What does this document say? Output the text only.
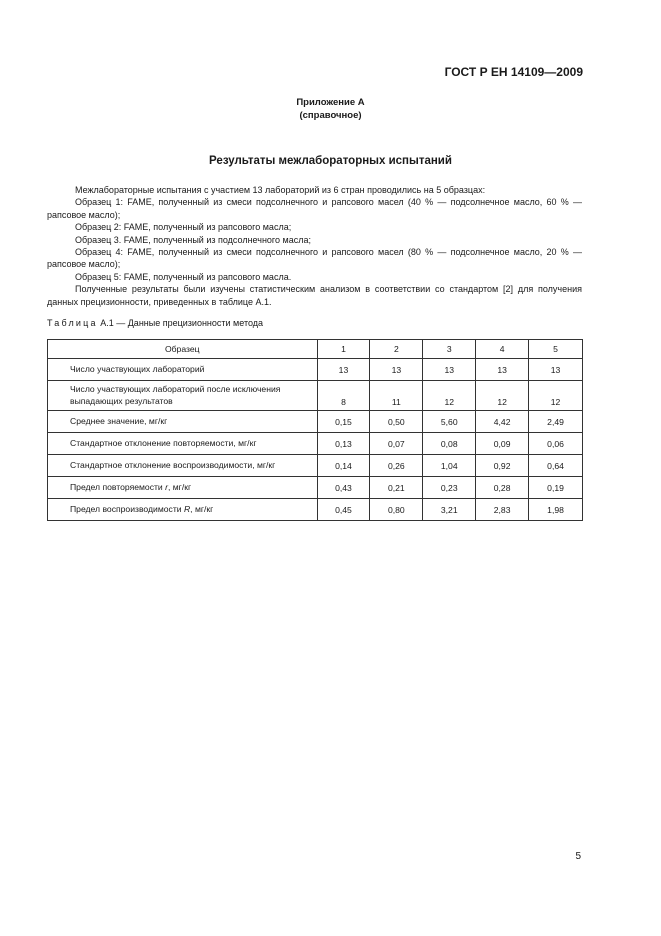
ГОСТ Р ЕН 14109—2009
Приложение А
(справочное)
Результаты межлабораторных испытаний

Межлабораторные испытания с участием 13 лабораторий из 6 стран проводились на 5 образцах:

Образец 1: FAME, полученный из смеси подсолнечного и рапсового масел (40 % — подсолнечное масло, 60 % — рапсовое масло);

Образец 2: FAME, полученный из рапсового масла;

Образец 3. FAME, полученный из подсолнечного масла;

Образец 4: FAME, полученный из смеси подсолнечного и рапсового масел (80 % — подсолнечное масло, 20 % — рапсовое масло);

Образец 5: FAME, полученный из рапсового масла.

Полученные результаты были изучены статистическим анализом в соответствии со стандартом [2] для получения данных прецизионности, приведенных в таблице А.1.

Таблица А.1 — Данные прецизионности метода
Образец	1	2	3	4	5
Число участвующих лабораторий	13	13	13	13	13
Число участвующих лабораторий после исключения выпадающих результатов	8	11	12	12	12
Среднее значение, мг/кг	0,15	0,50	5,60	4,42	2,49
Стандартное отклонение повторяемости, мг/кг	0,13	0,07	0,08	0,09	0,06
Стандартное отклонение воспроизводимости, мг/кг	0,14	0,26	1,04	0,92	0,64
Предел повторяемости r, мг/кг	0,43	0,21	0,23	0,28	0,19
Предел воспроизводимости R, мг/кг	0,45	0,80	3,21	2,83	1,98
5
